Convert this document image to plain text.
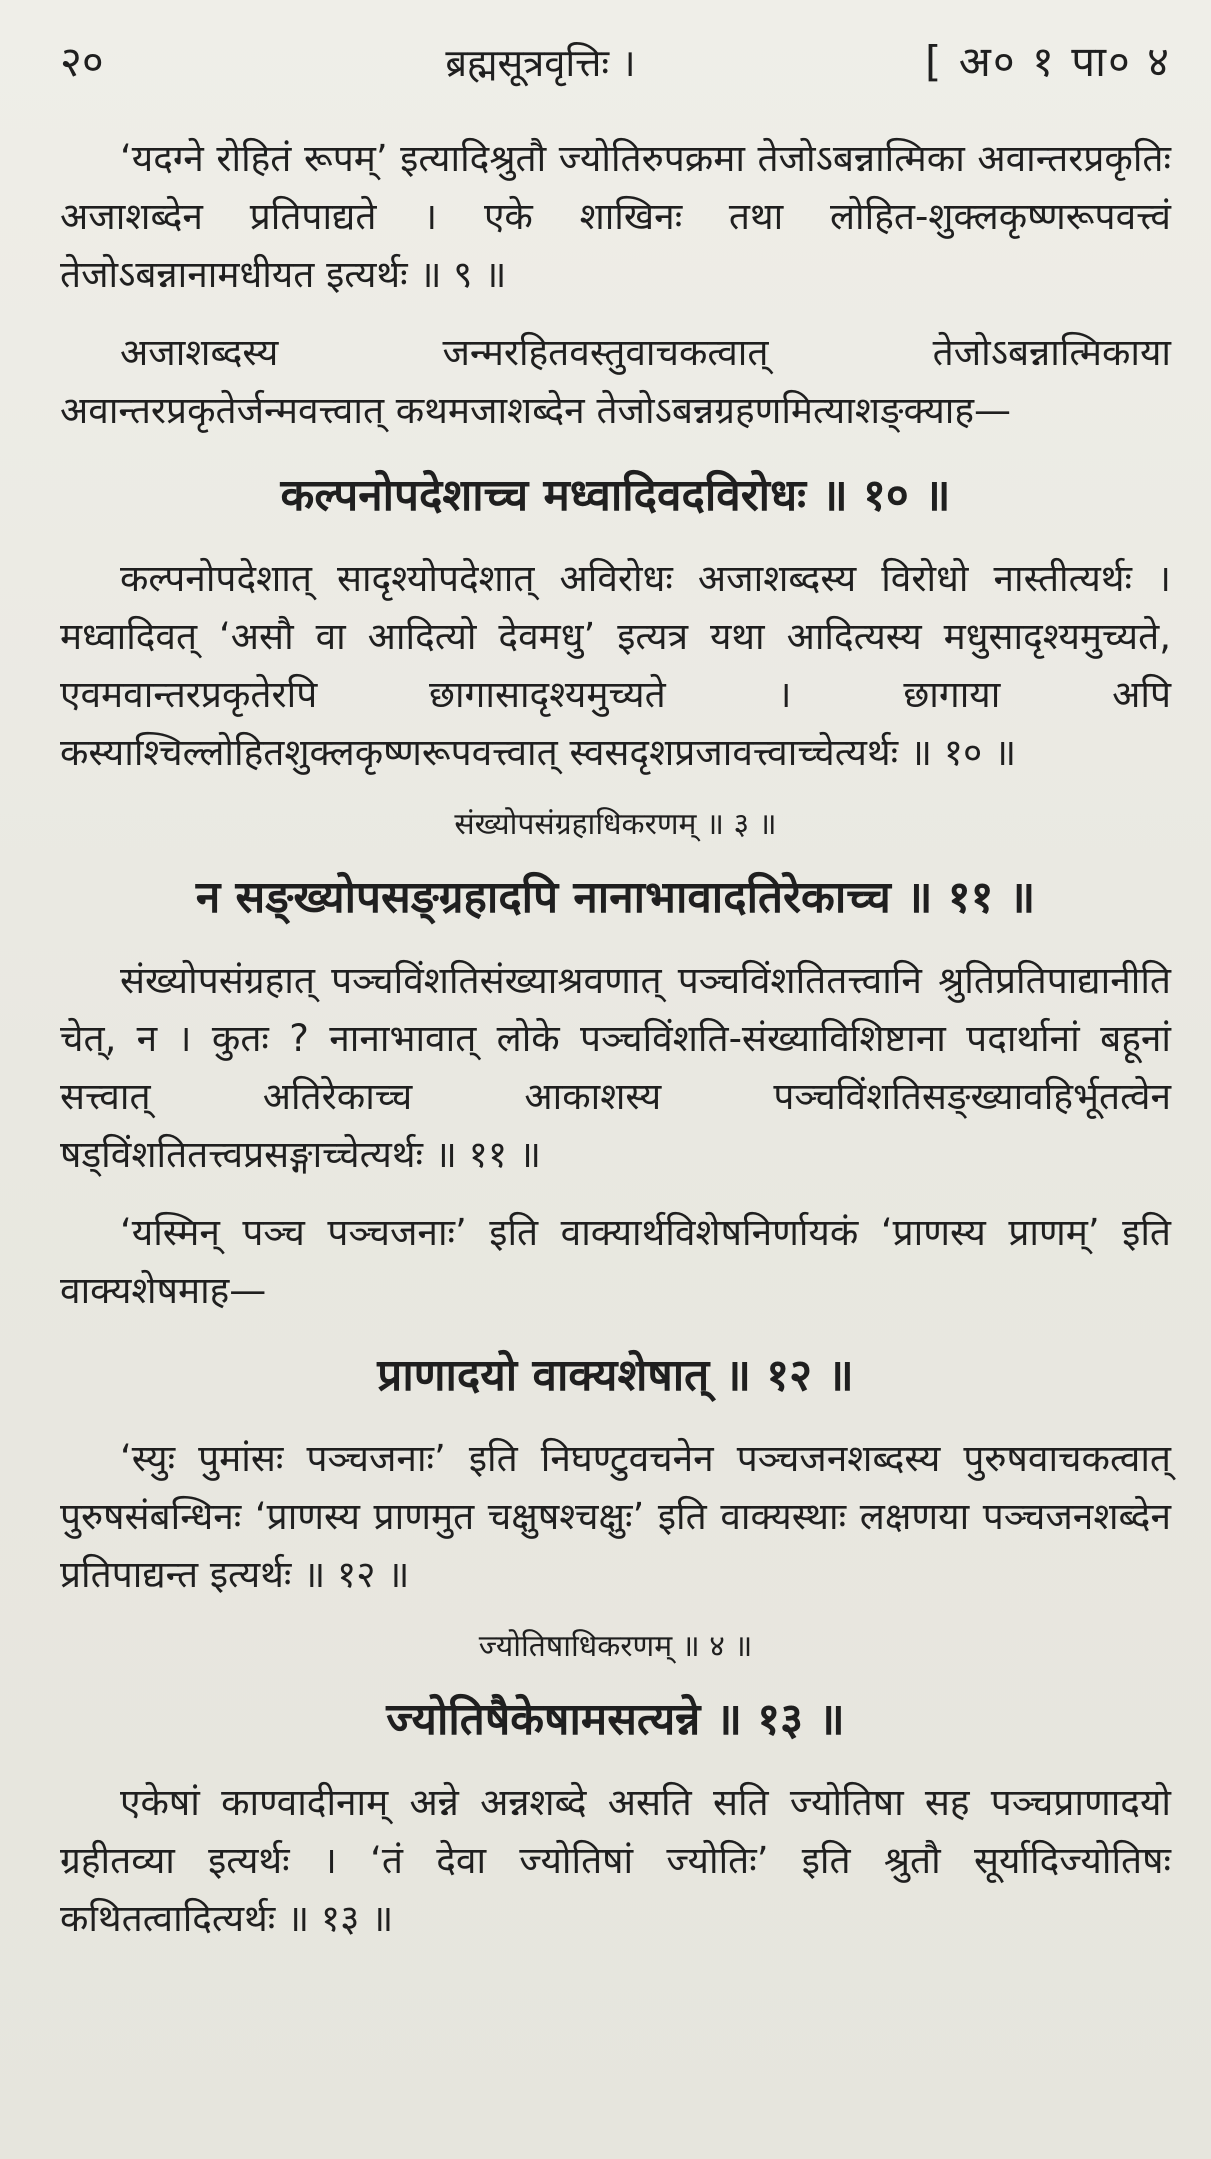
२०	ब्रह्मसूत्रवृत्तिः ।	[ अ० १ पा० ४
‘यदग्ने रोहितं रूपम्’ इत्यादिश्रुतौ ज्योतिरुपक्रमा तेजोऽबन्नात्मिका अवान्तरप्रकृतिः अजाशब्देन प्रतिपाद्यते । एके शाखिनः तथा लोहित-शुक्लकृष्णरूपवत्त्वं तेजोऽबन्नानामधीयत इत्यर्थः ॥ ९ ॥
अजाशब्दस्य जन्मरहितवस्तुवाचकत्वात् तेजोऽबन्नात्मिकाया अवान्तरप्रकृतेर्जन्मवत्त्वात् कथमजाशब्देन तेजोऽबन्नग्रहणमित्याशङ्क्याह—
कल्पनोपदेशाच्च मध्वादिवदविरोधः ॥ १० ॥
कल्पनोपदेशात् सादृश्योपदेशात् अविरोधः अजाशब्दस्य विरोधो नास्तीत्यर्थः । मध्वादिवत् ‘असौ वा आदित्यो देवमधु’ इत्यत्र यथा आदित्यस्य मधुसादृश्यमुच्यते, एवमवान्तरप्रकृतेरपि छागासादृश्यमुच्यते । छागाया अपि कस्याश्चिल्लोहितशुक्लकृष्णरूपवत्त्वात् स्वसदृशप्रजावत्त्वाच्चेत्यर्थः ॥ १० ॥
संख्योपसंग्रहाधिकरणम् ॥ ३ ॥
न सङ्ख्योपसङ्ग्रहादपि नानाभावादतिरेकाच्च ॥ ११ ॥
संख्योपसंग्रहात् पञ्चविंशतिसंख्याश्रवणात् पञ्चविंशतितत्त्वानि श्रुतिप्रतिपाद्यानीति चेत्, न । कुतः ? नानाभावात् लोके पञ्चविंशति-संख्याविशिष्टाना पदार्थानां बहूनां सत्त्वात् अतिरेकाच्च आकाशस्य पञ्चविंशतिसङ्ख्यावहिर्भूतत्वेन षड्विंशतितत्त्वप्रसङ्गाच्चेत्यर्थः ॥ ११ ॥
‘यस्मिन् पञ्च पञ्चजनाः’ इति वाक्यार्थविशेषनिर्णायकं ‘प्राणस्य प्राणम्’ इति वाक्यशेषमाह—
प्राणादयो वाक्यशेषात् ॥ १२ ॥
‘स्युः पुमांसः पञ्चजनाः’ इति निघण्टुवचनेन पञ्चजनशब्दस्य पुरुषवाचकत्वात् पुरुषसंबन्धिनः ‘प्राणस्य प्राणमुत चक्षुषश्चक्षुः’ इति वाक्यस्थाः लक्षणया पञ्चजनशब्देन प्रतिपाद्यन्त इत्यर्थः ॥ १२ ॥
ज्योतिषाधिकरणम् ॥ ४ ॥
ज्योतिषैकेषामसत्यन्ने ॥ १३ ॥
एकेषां काण्वादीनाम् अन्ने अन्नशब्दे असति सति ज्योतिषा सह पञ्चप्राणादयो ग्रहीतव्या इत्यर्थः । ‘तं देवा ज्योतिषां ज्योतिः’ इति श्रुतौ सूर्यादिज्योतिषः कथितत्वादित्यर्थः ॥ १३ ॥
